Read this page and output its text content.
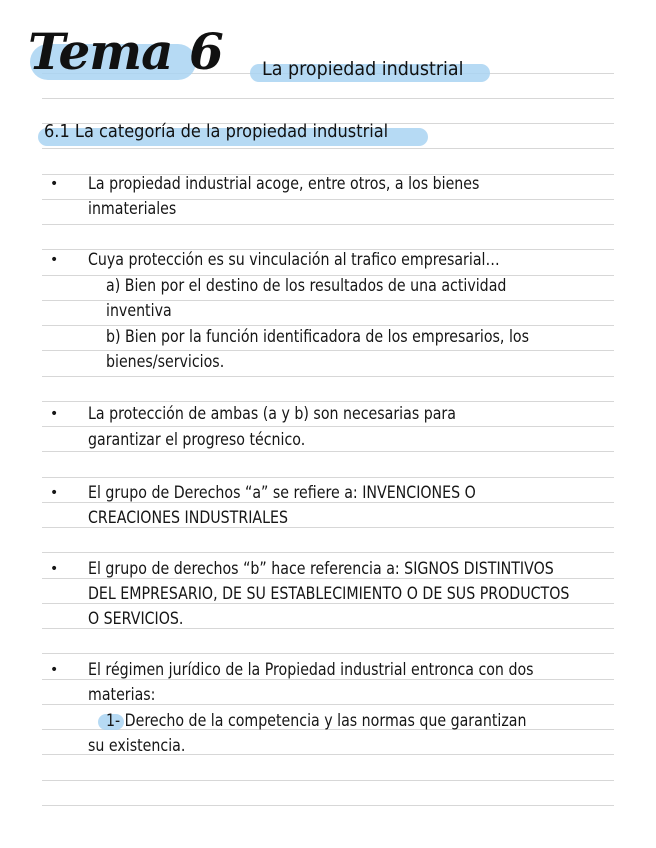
Tema 6 La propiedad industrial
6.1 La categoría de la propiedad industrial
• La propiedad industrial acoge, entre otros, a los bienes
inmateriales
• Cuya protección es su vinculación al trafico empresarial…
a) Bien por el destino de los resultados de una actividad
inventiva
b) Bien por la función identificadora de los empresarios, los
bienes/servicios.
• La protección de ambas (a y b) son necesarias para
garantizar el progreso técnico.
• El grupo de Derechos “a” se refiere a: INVENCIONES O
CREACIONES INDUSTRIALES
• El grupo de derechos “b” hace referencia a: SIGNOS DISTINTIVOS
DEL EMPRESARIO, DE SU ESTABLECIMIENTO O DE SUS PRODUCTOS
O SERVICIOS.
• El régimen jurídico de la Propiedad industrial entronca con dos
materias:
1- Derecho de la competencia y las normas que garantizan
su existencia.
